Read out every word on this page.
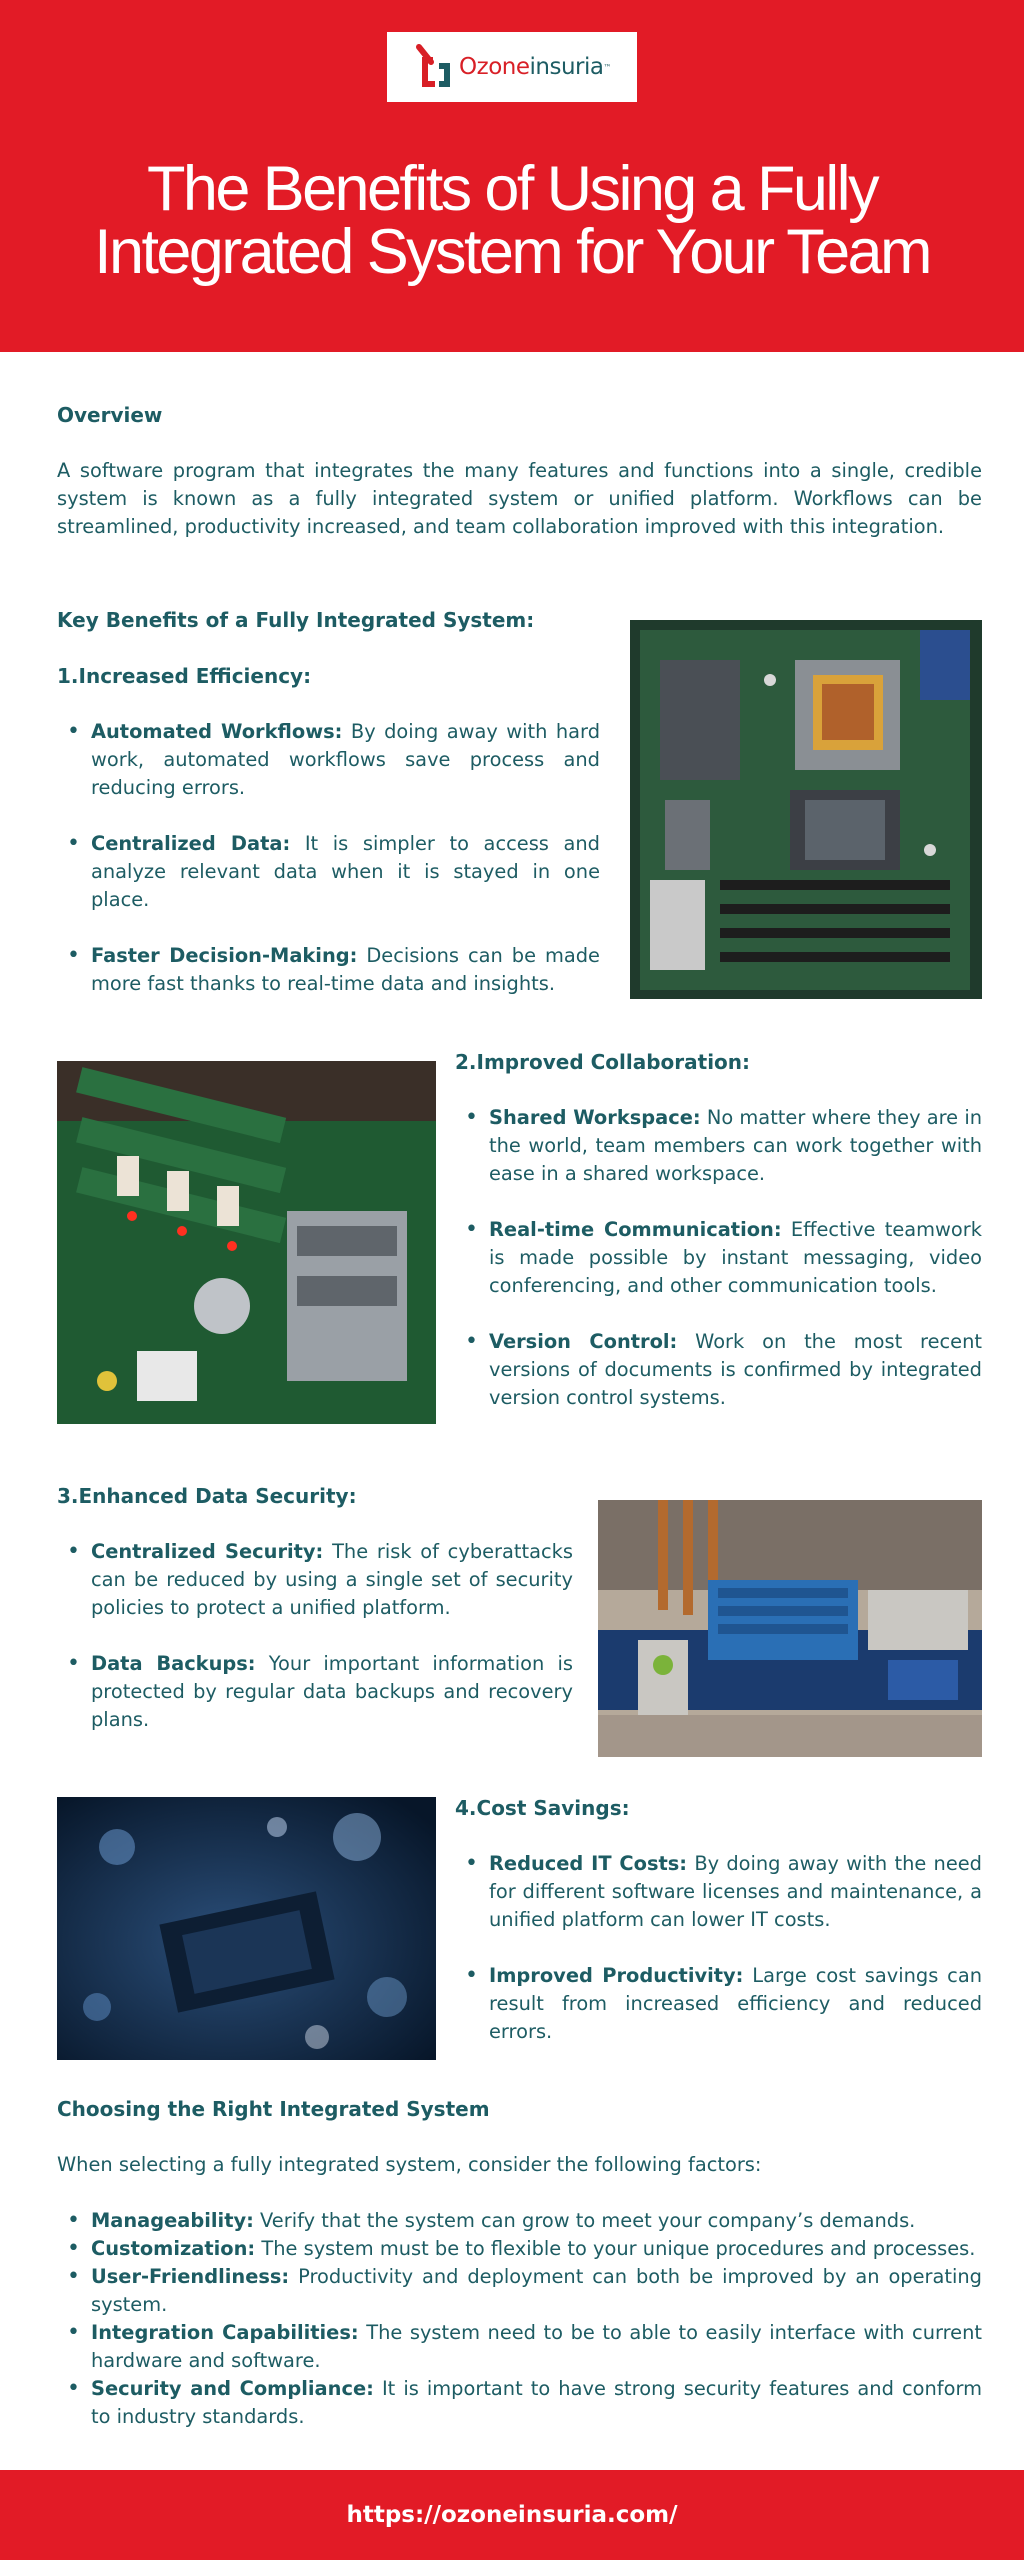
Ozoneinsuria™
The Benefits of Using a Fully Integrated System for Your Team
Overview
A software program that integrates the many features and functions into a single, credible system is known as a fully integrated system or unified platform. Workflows can be streamlined, productivity increased, and team collaboration improved with this integration.
Key Benefits of a Fully Integrated System:
1.Increased Efficiency:
• Automated Workflows: By doing away with hard work, automated workflows save process and reducing errors.
• Centralized Data: It is simpler to access and analyze relevant data when it is stayed in one place.
• Faster Decision-Making: Decisions can be made more fast thanks to real-time data and insights.
2.Improved Collaboration:
• Shared Workspace: No matter where they are in the world, team members can work together with ease in a shared workspace.
• Real-time Communication: Effective teamwork is made possible by instant messaging, video conferencing, and other communication tools.
• Version Control: Work on the most recent versions of documents is confirmed by integrated version control systems.
3.Enhanced Data Security:
• Centralized Security: The risk of cyberattacks can be reduced by using a single set of security policies to protect a unified platform.
• Data Backups: Your important information is protected by regular data backups and recovery plans.
4.Cost Savings:
• Reduced IT Costs: By doing away with the need for different software licenses and maintenance, a unified platform can lower IT costs.
• Improved Productivity: Large cost savings can result from increased efficiency and reduced errors.
Choosing the Right Integrated System
When selecting a fully integrated system, consider the following factors:
• Manageability: Verify that the system can grow to meet your company’s demands.
• Customization: The system must be to flexible to your unique procedures and processes.
• User-Friendliness: Productivity and deployment can both be improved by an operating system.
• Integration Capabilities: The system need to be to able to easily interface with current hardware and software.
• Security and Compliance: It is important to have strong security features and conform to industry standards.
https://ozoneinsuria.com/
